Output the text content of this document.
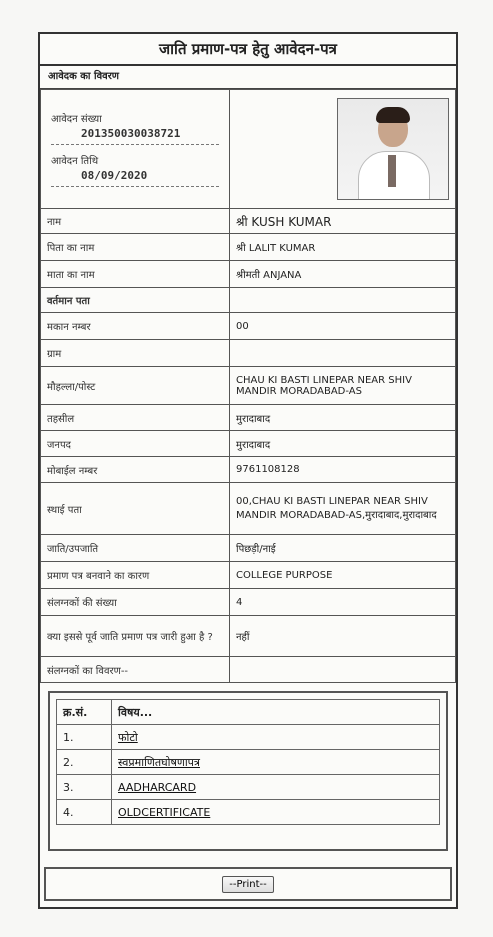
जाति प्रमाण-पत्र हेतु आवेदन-पत्र
आवेदक का विवरण
आवेदन संख्या
201350030038721
आवेदन तिथि
08/09/2020	

नाम	श्री KUSH KUMAR
पिता का नाम	श्री LALIT KUMAR
माता का नाम	श्रीमती ANJANA
वर्तमान पता	
मकान नम्बर	00
ग्राम	
मौहल्ला/पोस्ट	CHAU KI BASTI LINEPAR NEAR SHIV MANDIR MORADABAD-AS
तहसील	मुरादाबाद
जनपद	मुरादाबाद
मोबाईल नम्बर	9761108128
स्थाई पता	00,CHAU KI BASTI LINEPAR NEAR SHIV MANDIR MORADABAD-AS,मुरादाबाद,मुरादाबाद
जाति/उपजाति	पिछड़ी/नाई
प्रमाण पत्र बनवाने का कारण	COLLEGE PURPOSE
संलग्नकों की संख्या	4
क्या इससे पूर्व जाति प्रमाण पत्र जारी हुआ है ?	नहीं
संलग्नकों का विवरण--	
क्र.सं.	विषय...
1.	फोटो
2.	स्वप्रमाणितघोषणापत्र
3.	AADHARCARD
4.	OLDCERTIFICATE
--Print--
